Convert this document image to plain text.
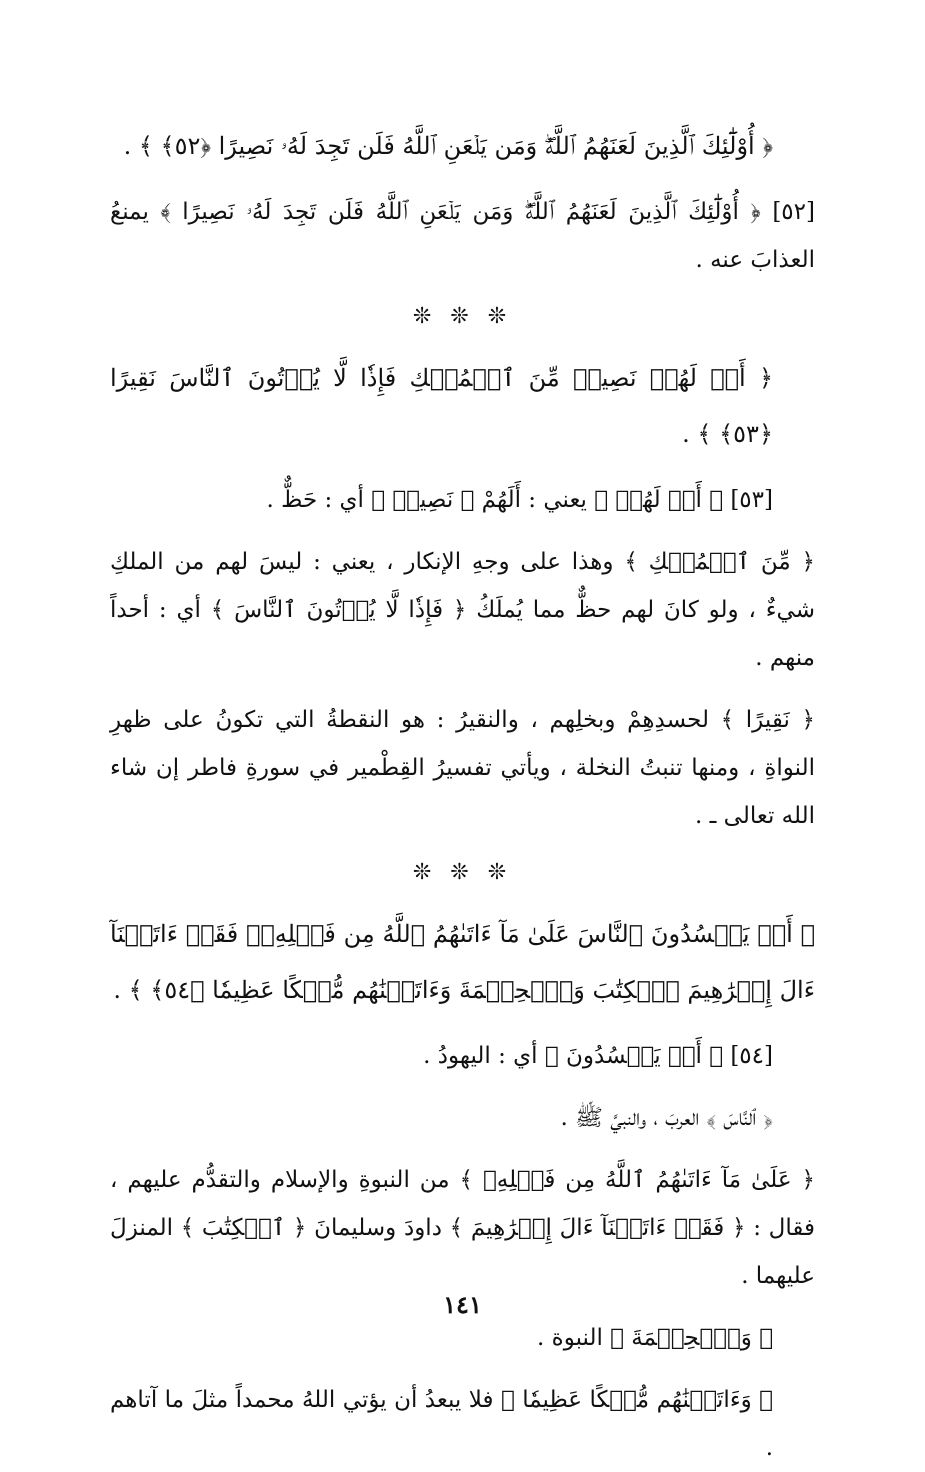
﴿ أُوْلَٰٓئِكَ ٱلَّذِينَ لَعَنَهُمُ ٱللَّهُۖ وَمَن يَلۡعَنِ ٱللَّهُ فَلَن تَجِدَ لَهُۥ نَصِيرًا ﴿٥٢﴾ ﴾ .

[٥٢] ﴿ أُوْلَٰٓئِكَ ٱلَّذِينَ لَعَنَهُمُ ٱللَّهُۖ وَمَن يَلۡعَنِ ٱللَّهُ فَلَن تَجِدَ لَهُۥ نَصِيرًا ﴾ يمنعُ العذابَ عنه .

❊ ❊ ❊

﴿ أَمۡ لَهُمۡ نَصِيبٞ مِّنَ ٱلۡمُلۡكِ فَإِذٗا لَّا يُؤۡتُونَ ٱلنَّاسَ نَقِيرًا ﴿٥٣﴾ ﴾ .

[٥٣] ﴿ أَمۡ لَهُمۡ ﴾ يعني : أَلَهُمْ ﴿ نَصِيبٞ ﴾ أي : حَظٌّ .

﴿ مِّنَ ٱلۡمُلۡكِ ﴾ وهذا على وجهِ الإنكار ، يعني : ليسَ لهم من الملكِ شيءٌ ، ولو كانَ لهم حظٌّ مما يُملَكُ ﴿ فَإِذٗا لَّا يُؤۡتُونَ ٱلنَّاسَ ﴾ أي : أحداً منهم .

﴿ نَقِيرًا ﴾ لحسدِهِمْ وبخلِهم ، والنقيرُ : هو النقطةُ التي تكونُ على ظهرِ النواةِ ، ومنها تنبتُ النخلة ، ويأتي تفسيرُ القِطْمير في سورةِ فاطر إن شاء الله تعالى ـ .

❊ ❊ ❊

﴿ أَمۡ يَحۡسُدُونَ ٱلنَّاسَ عَلَىٰ مَآ ءَاتَىٰهُمُ ٱللَّهُ مِن فَضۡلِهِۦۖ فَقَدۡ ءَاتَيۡنَآ ءَالَ إِبۡرَٰهِيمَ ٱلۡكِتَٰبَ وَٱلۡحِكۡمَةَ وَءَاتَيۡنَٰهُم مُّلۡكًا عَظِيمٗا ﴿٥٤﴾ ﴾ .

[٥٤] ﴿ أَمۡ يَحۡسُدُونَ ﴾ أي : اليهودُ .

﴿ ٱلنَّاسَ ﴾ العربَ ، والنبيَّ ﷺ .

﴿ عَلَىٰ مَآ ءَاتَىٰهُمُ ٱللَّهُ مِن فَضۡلِهِۦ ﴾ من النبوةِ والإسلام والتقدُّم عليهم ، فقال : ﴿ فَقَدۡ ءَاتَيۡنَآ ءَالَ إِبۡرَٰهِيمَ ﴾ داودَ وسليمانَ ﴿ ٱلۡكِتَٰبَ ﴾ المنزلَ عليهما .

﴿ وَٱلۡحِكۡمَةَ ﴾ النبوة .

﴿ وَءَاتَيۡنَٰهُم مُّلۡكًا عَظِيمٗا ﴾ فلا يبعدُ أن يؤتي اللهُ محمداً مثلَ ما آتاهم .

١٤١
